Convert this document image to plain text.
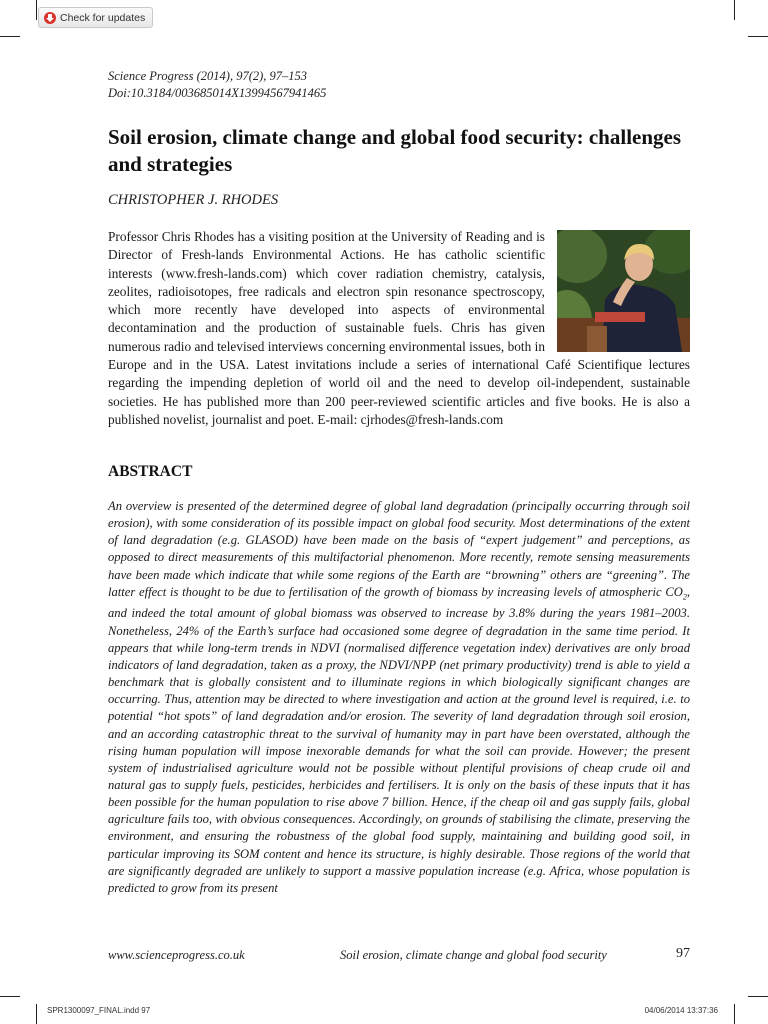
Check for updates
Science Progress (2014), 97(2), 97–153
Doi:10.3184/003685014X13994567941465
Soil erosion, climate change and global food security: challenges and strategies
CHRISTOPHER J. RHODES

Professor Chris Rhodes has a visiting position at the University of Reading and is Director of Fresh-lands Environmental Actions. He has catholic scientific interests (www.fresh-lands.com) which cover radiation chemistry, catalysis, zeolites, radioisotopes, free radicals and electron spin resonance spectroscopy, which more recently have developed into aspects of environmental decontamination and the production of sustainable fuels. Chris has given numerous radio and televised interviews concerning environmental issues, both in Europe and in the USA. Latest invitations include a series of international Café Scientifique lectures regarding the impending depletion of world oil and the need to develop oil-independent, sustainable societies. He has published more than 200 peer-reviewed scientific articles and five books. He is also a published novelist, journalist and poet. E-mail: cjrhodes@fresh-lands.com

ABSTRACT

An overview is presented of the determined degree of global land degradation (principally occurring through soil erosion), with some consideration of its possible impact on global food security. Most determinations of the extent of land degradation (e.g. GLASOD) have been made on the basis of “expert judgement” and perceptions, as opposed to direct measurements of this multifactorial phenomenon. More recently, remote sensing measurements have been made which indicate that while some regions of the Earth are “browning” others are “greening”. The latter effect is thought to be due to fertilisation of the growth of biomass by increasing levels of atmospheric $CO_2$, and indeed the total amount of global biomass was observed to increase by 3.8% during the years 1981–2003. Nonetheless, 24% of the Earth’s surface had occasioned some degree of degradation in the same time period. It appears that while long-term trends in NDVI (normalised difference vegetation index) derivatives are only broad indicators of land degradation, taken as a proxy, the NDVI/NPP (net primary productivity) trend is able to yield a benchmark that is globally consistent and to illuminate regions in which biologically significant changes are occurring. Thus, attention may be directed to where investigation and action at the ground level is required, i.e. to potential “hot spots” of land degradation and/or erosion. The severity of land degradation through soil erosion, and an according catastrophic threat to the survival of humanity may in part have been overstated, although the rising human population will impose inexorable demands for what the soil can provide. However; the present system of industrialised agriculture would not be possible without plentiful provisions of cheap crude oil and natural gas to supply fuels, pesticides, herbicides and fertilisers. It is only on the basis of these inputs that it has been possible for the human population to rise above 7 billion. Hence, if the cheap oil and gas supply fails, global agriculture fails too, with obvious consequences. Accordingly, on grounds of stabilising the climate, preserving the environment, and ensuring the robustness of the global food supply, maintaining and building good soil, in particular improving its SOM content and hence its structure, is highly desirable. Those regions of the world that are significantly degraded are unlikely to support a massive population increase (e.g. Africa, whose population is predicted to grow from its present

www.scienceprogress.co.uk	Soil erosion, climate change and global food security	97
SPR1300097_FINAL.indd 97	04/06/2014 13:37:36
